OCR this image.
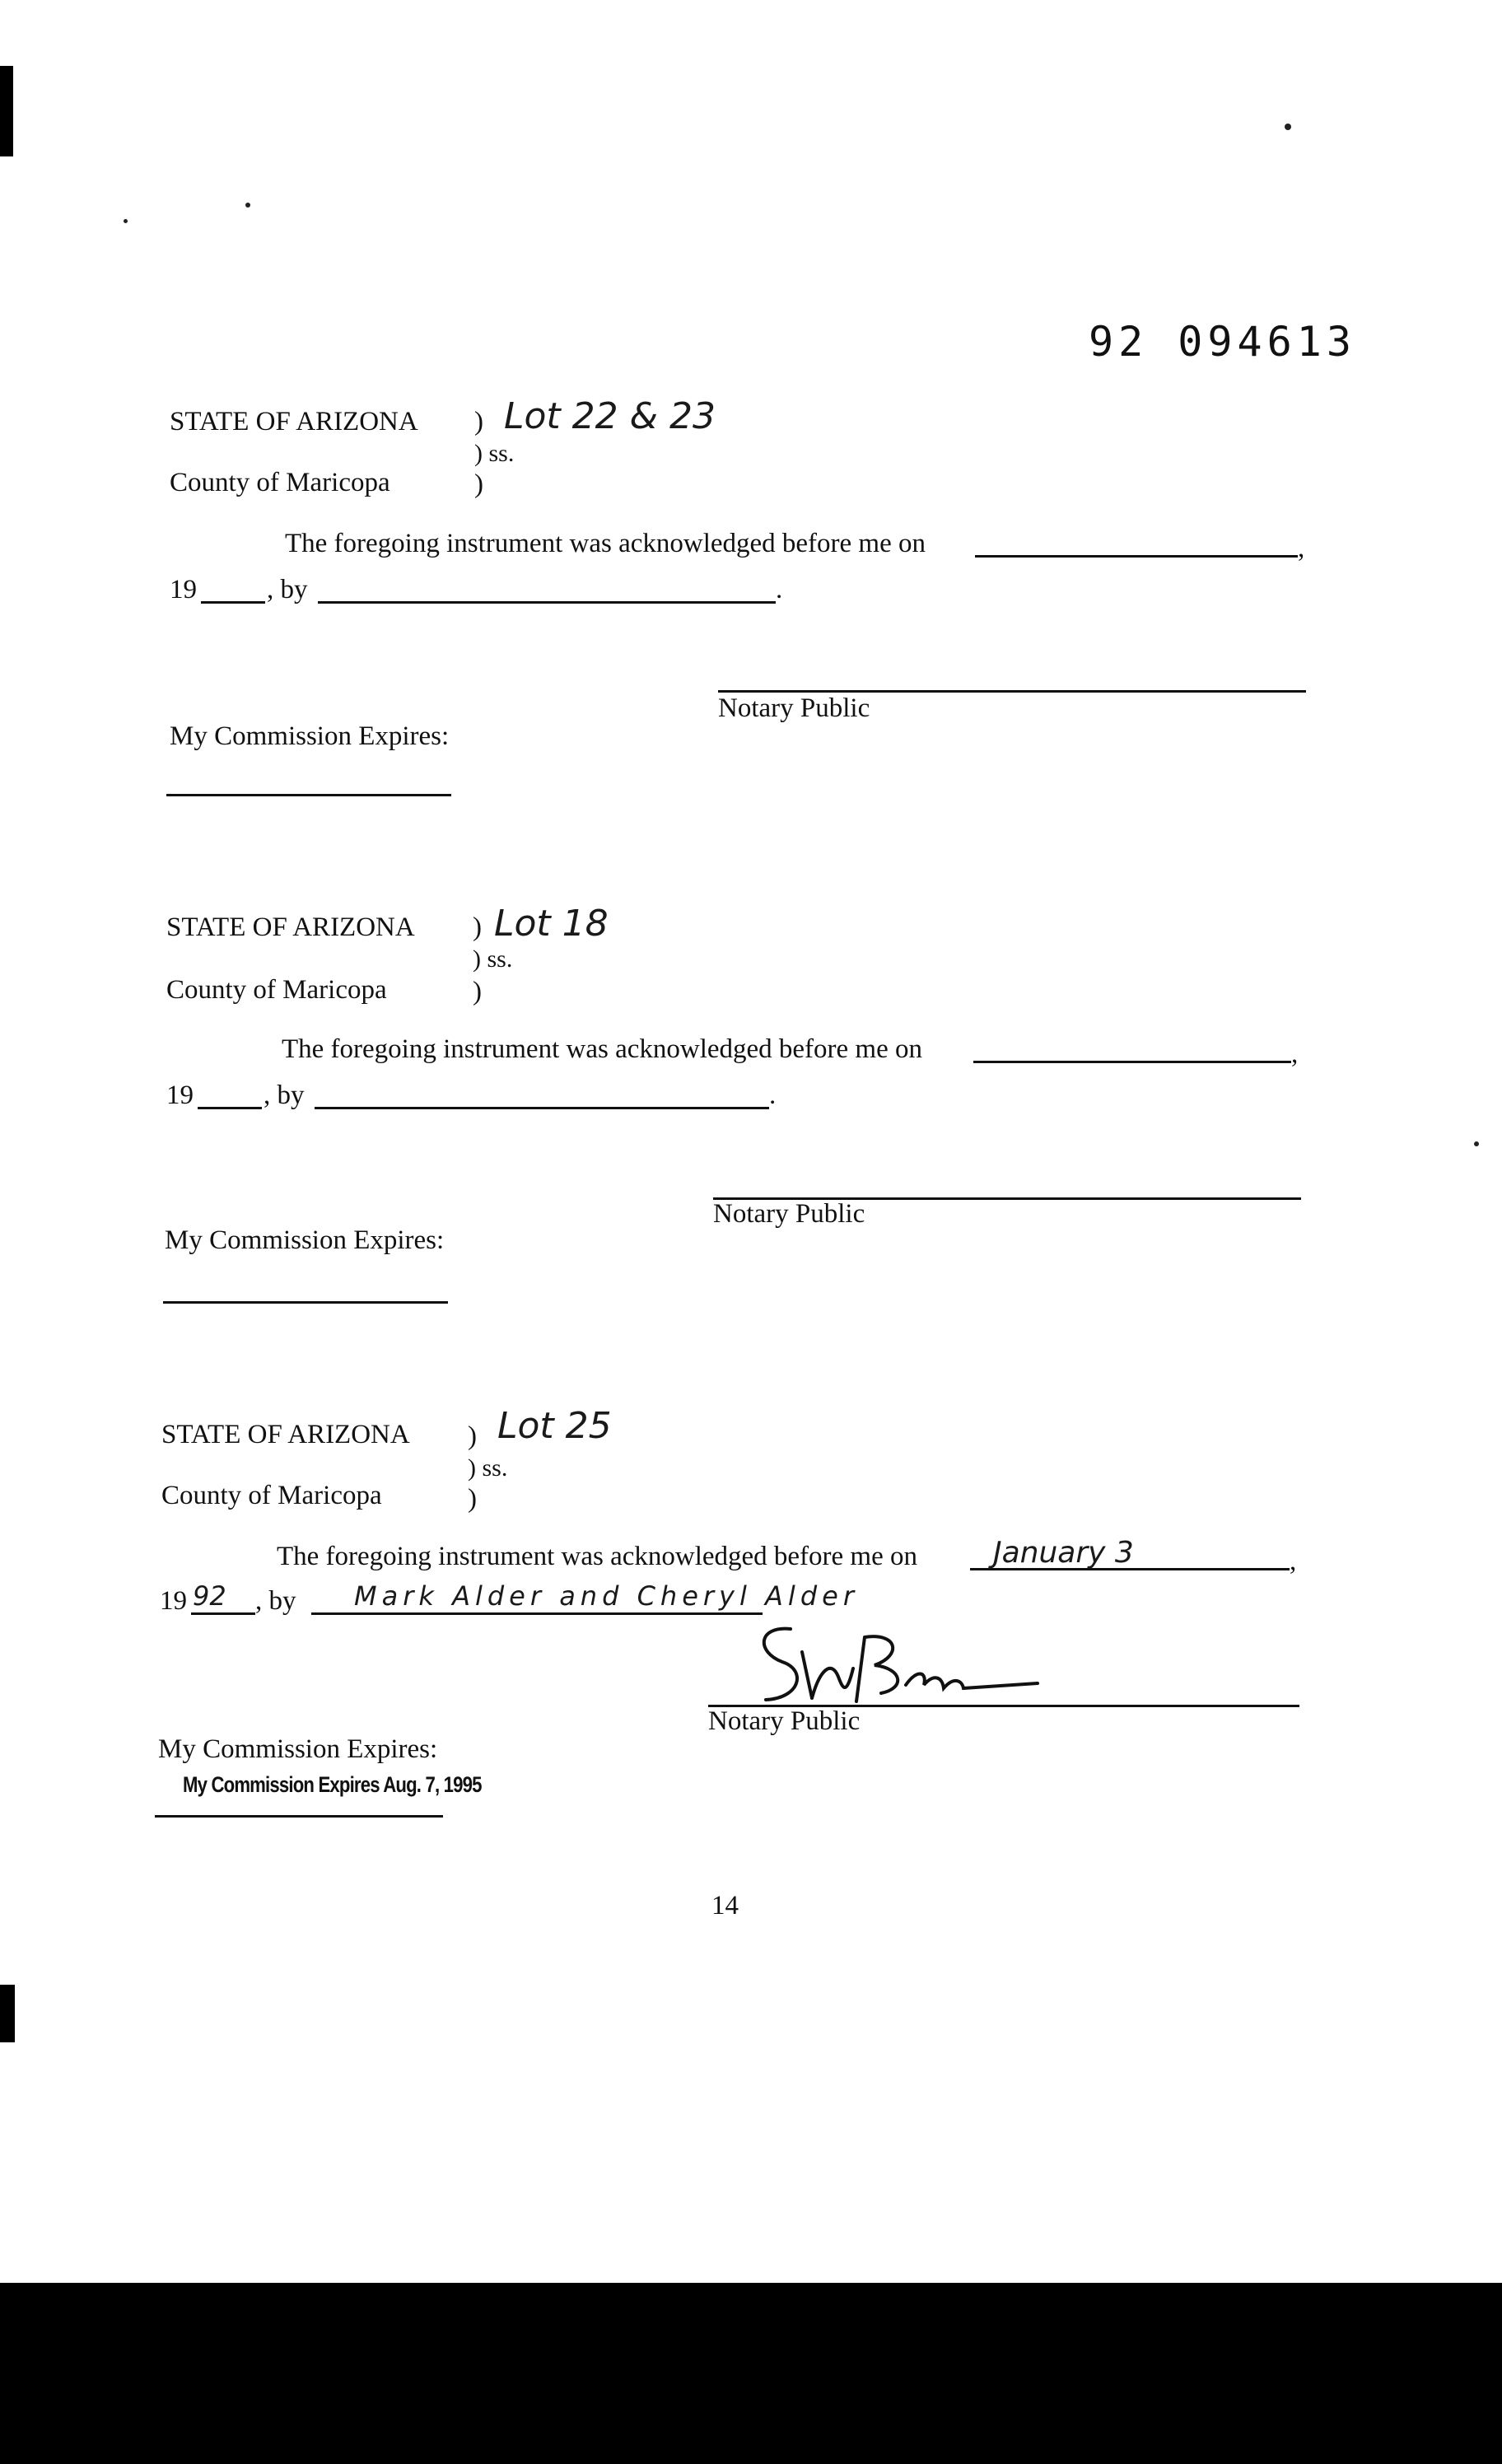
92 094613
STATE OF ARIZONA ) Lot 22 & 23
) ss.
County of Maricopa	)
The foregoing instrument was acknowledged before me on	,
19	, by	.
Notary Public
My Commission Expires:
STATE OF ARIZONA ) Lot 18
) ss.
County of Maricopa	)
The foregoing instrument was acknowledged before me on	,
19	, by	.
Notary Public
My Commission Expires:
STATE OF ARIZONA ) Lot 25
) ss.
County of Maricopa	)
The foregoing instrument was acknowledged before me on	January 3	,
19 92 , by Mark Alder and Cheryl Alder
Notary Public
My Commission Expires:
My Commission Expires Aug. 7, 1995
14
